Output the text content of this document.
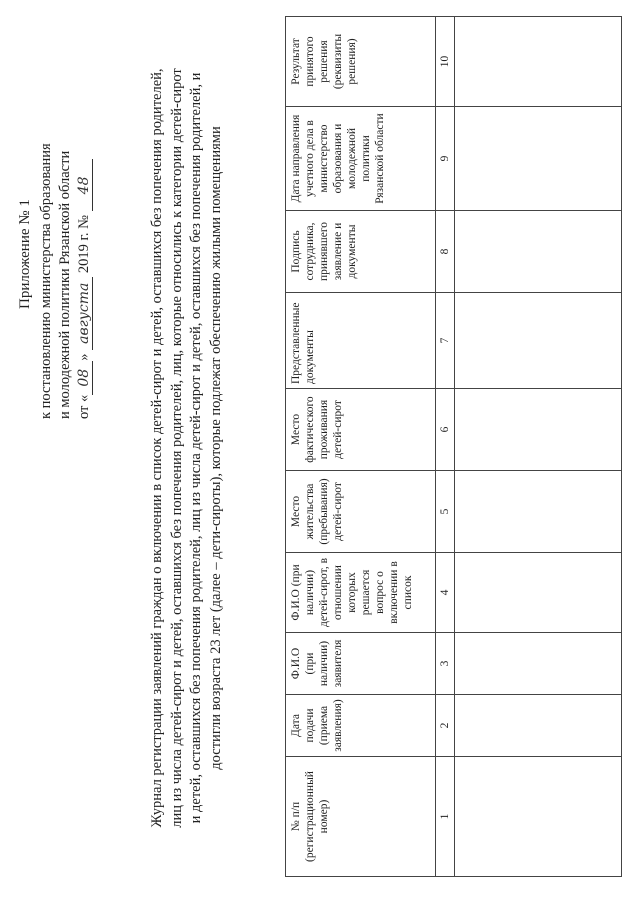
Приложение № 1 к постановлению министерства образования и молодежной политики Рязанской области от «08» августа 2019 г. № 48	Журнал регистрации заявлений граждан о включении в список детей-сирот и детей, оставшихся без попечения родителей, лиц из числа детей-сирот и детей, оставшихся без попечения родителей, лиц, которые относились к категории детей-сирот и детей, оставшихся без попечения родителей, лиц из числа детей-сирот и детей, оставшихся без попечения родителей, и достигли возраста 23 лет (далее – дети-сироты), которые подлежат обеспечению жилыми помещениями
№ п/п (регистрационный номер)	Дата подачи (приема заявления)	Ф.И.О (при наличии) заявителя	Ф.И.О (при наличии) детей-сирот, в отношении которых решается вопрос о включении в список	Место жительства (пребывания) детей-сирот	Место фактического проживания детей-сирот	Представленные документы	Подпись сотрудника, принявшего заявление и документы	Дата направления учетного дела в министерство образования и молодежной политики Рязанской области	Результат принятого решения (реквизиты решения)
1	2	3	4	5	6	7	8	9	10
